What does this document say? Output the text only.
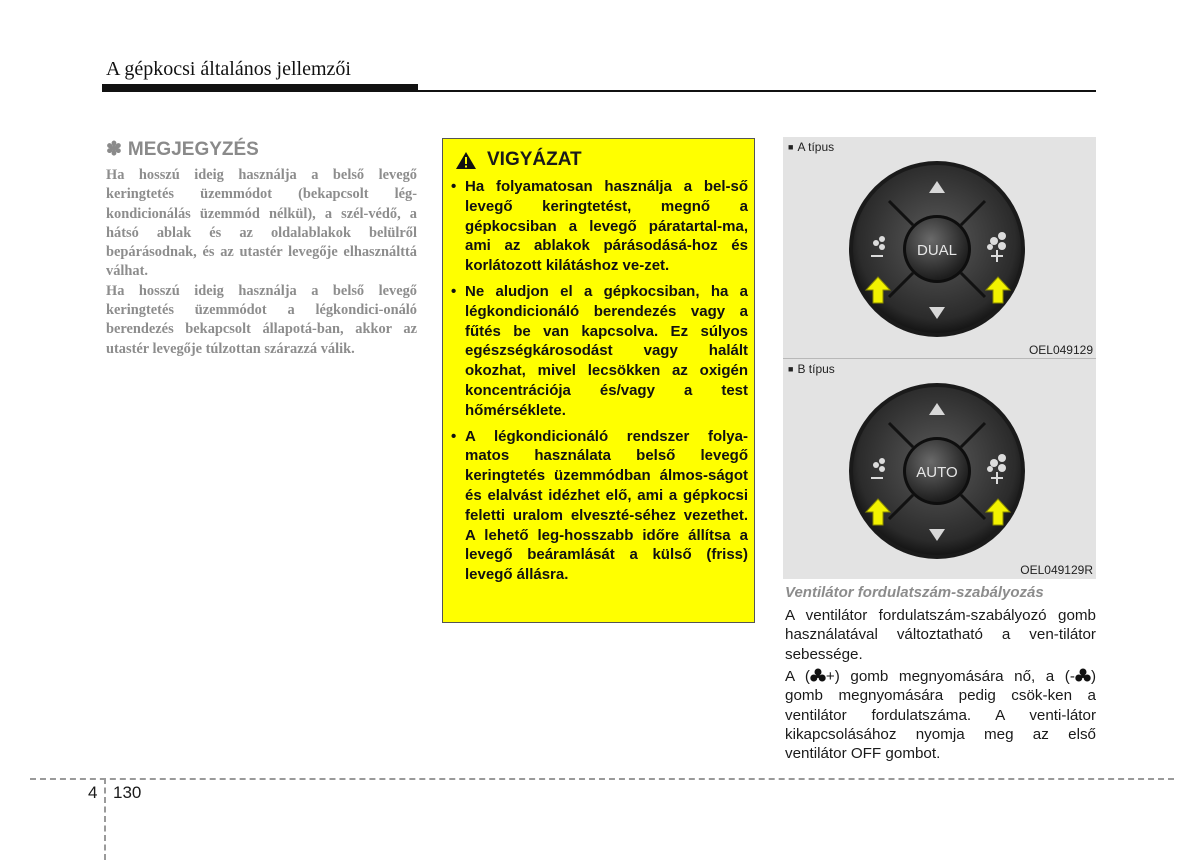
A gépkocsi általános jellemzői
✽ MEGJEGYZÉS

Ha hosszú ideig használja a belső levegő keringtetés üzemmódot (bekapcsolt lég-kondicionálás üzemmód nélkül), a szél-védő, a hátsó ablak és az oldalablakok belülről bepárásodnak, és az utastér levegője elhasználttá válhat.

Ha hosszú ideig használja a belső levegő keringtetés üzemmódot a légkondici-onáló berendezés bekapcsolt állapotá-ban, akkor az utastér levegője túlzottan szárazzá válik.

VIGYÁZAT
• Ha folyamatosan használja a bel-ső levegő keringtetést, megnő a gépkocsiban a levegő páratartal-ma, ami az ablakok párásodásá-hoz és korlátozott kilátáshoz ve-zet.
• Ne aludjon el a gépkocsiban, ha a légkondicionáló berendezés vagy a fűtés be van kapcsolva. Ez súlyos egészségkárosodást vagy halált okozhat, mivel lecsökken az oxigén koncentrációja és/vagy a test hőmérséklete.
• A légkondicionáló rendszer folya-matos használata belső levegő keringtetés üzemmódban álmos-ságot és elalvást idézhet elő, ami a gépkocsi feletti uralom elveszté-séhez vezethet. A lehető leg-hosszabb időre állítsa a levegő beáramlását a külső (friss) levegő állásra.
■ A típus
DUAL
OEL049129
■ B típus
AUTO
OEL049129R
Ventilátor fordulatszám-szabályozás
A ventilátor fordulatszám-szabályozó gomb használatával változtatható a ven-tilátor sebessége.
A ( +) gomb megnyomására nő, a (- ) gomb megnyomására pedig csök-ken a ventilátor fordulatszáma. A venti-látor kikapcsolásához nyomja meg az első ventilátor OFF gombot.
4 130
